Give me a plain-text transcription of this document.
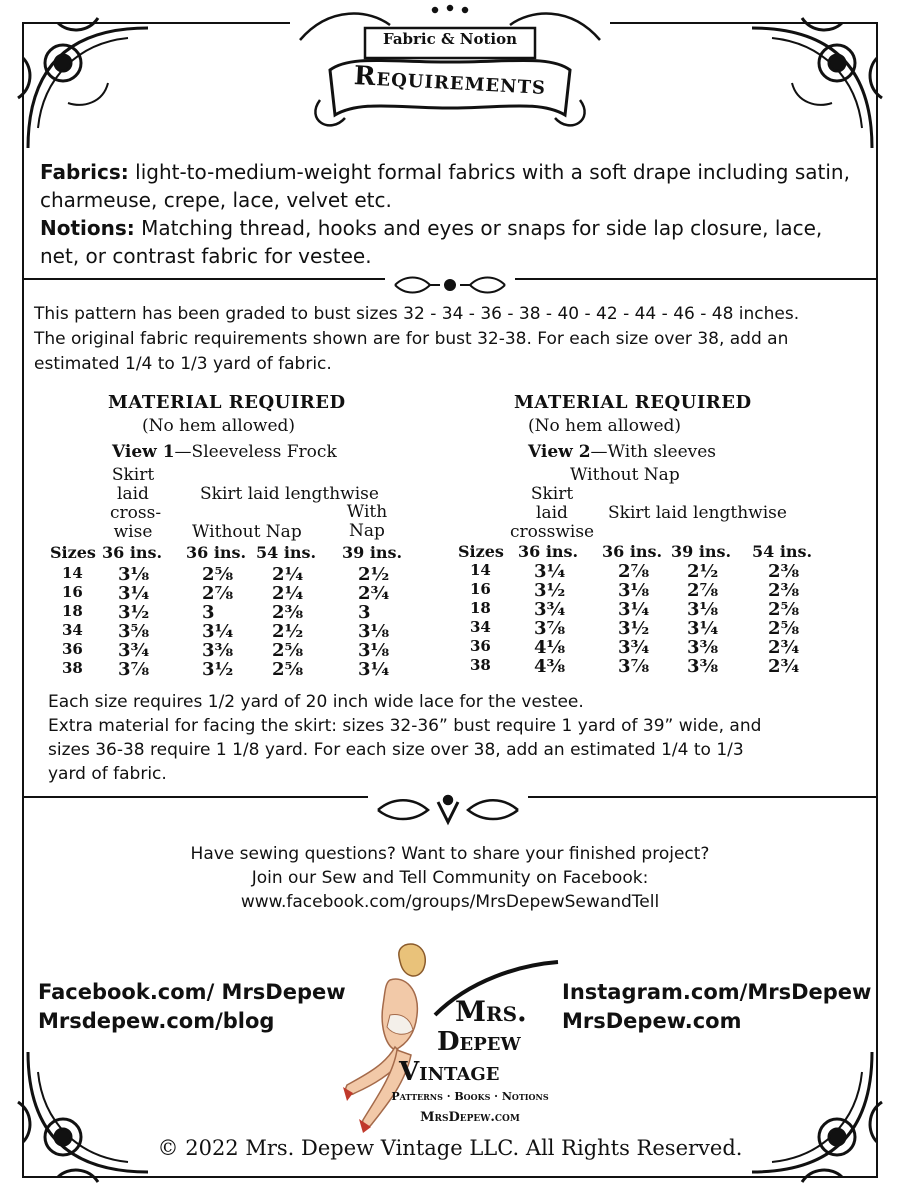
Fabric & Notion
Requirements
Fabrics: light-to-medium-weight formal fabrics with a soft drape including satin, charmeuse, crepe, lace, velvet etc.
Notions: Matching thread, hooks and eyes or snaps for side lap closure, lace, net, or contrast fabric for vestee.
This pattern has been graded to bust sizes 32 - 34 - 36 - 38 - 40 - 42 - 44 - 46 - 48 inches.
The original fabric requirements shown are for bust 32-38. For each size over 38, add an
estimated 1/4 to 1/3 yard of fabric.
MATERIAL REQUIRED
(No hem allowed)
View 1—Sleeveless Frock
Skirt
laid
cross-
wise
Skirt laid lengthwise
Without Nap
With
Nap
Sizes 36 ins. 36 ins. 54 ins. 39 ins.
14 3⅛	2⅝ 2¼	2½
16 3¼	2⅞ 2¼	2¾
18 3½	3	2⅜	3
34 3⅝	3¼ 2½	3⅛
36 3¾	3⅜ 2⅝	3⅛
38 3⅞	3½ 2⅝	3¼
MATERIAL REQUIRED
(No hem allowed)
View 2—With sleeves
Without Nap
Skirt
laid
crosswise
Skirt laid lengthwise
Sizes 36 ins. 36 ins. 39 ins. 54 ins.
14 3¼	2⅞ 2½	2⅜
16 3½	3⅛ 2⅞	2⅜
18 3¾	3¼ 3⅛	2⅝
34 3⅞	3½ 3¼	2⅝
36 4⅛	3¾ 3⅜	2¾
38 4⅜	3⅞ 3⅜	2¾
Each size requires 1/2 yard of 20 inch wide lace for the vestee.
Extra material for facing the skirt: sizes 32-36” bust require 1 yard of 39” wide, and
sizes 36-38 require 1 1/8 yard. For each size over 38, add an estimated 1/4 to 1/3
yard of fabric.
Have sewing questions? Want to share your finished project?
Join our Sew and Tell Community on Facebook:
www.facebook.com/groups/MrsDepewSewandTell
Facebook.com/ MrsDepew
Mrsdepew.com/blog
Instagram.com/MrsDepew
MrsDepew.com
Mrs.
Depew
Vintage
Patterns · Books · Notions
MrsDepew.com
© 2022 Mrs. Depew Vintage LLC. All Rights Reserved.
